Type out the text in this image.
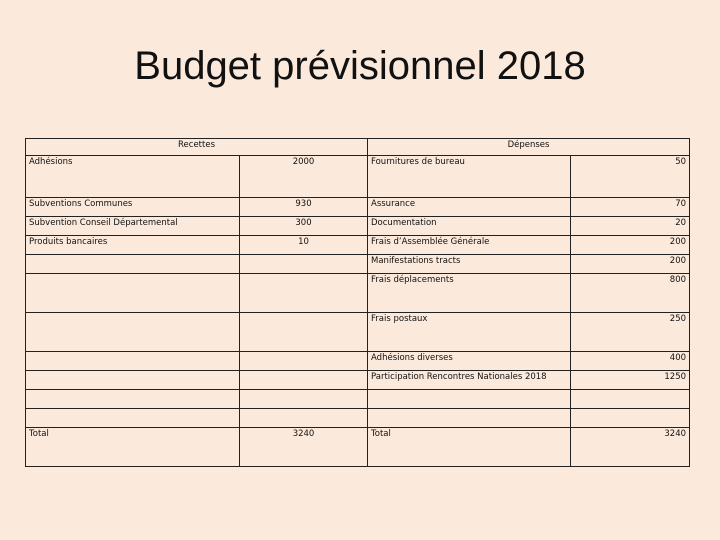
Budget prévisionnel 2018
Recettes		Dépenses	
Adhésions	2000	Fournitures de bureau	50
Subventions Communes	930	Assurance	70
Subvention Conseil Départemental	300	Documentation	20
Produits bancaires	10	Frais d’Assemblée Générale	200
		Manifestations tracts	200
		Frais déplacements	800
		Frais postaux	250
		Adhésions diverses	400
		Participation Rencontres Nationales 2018	1250

Total	3240	Total	3240
